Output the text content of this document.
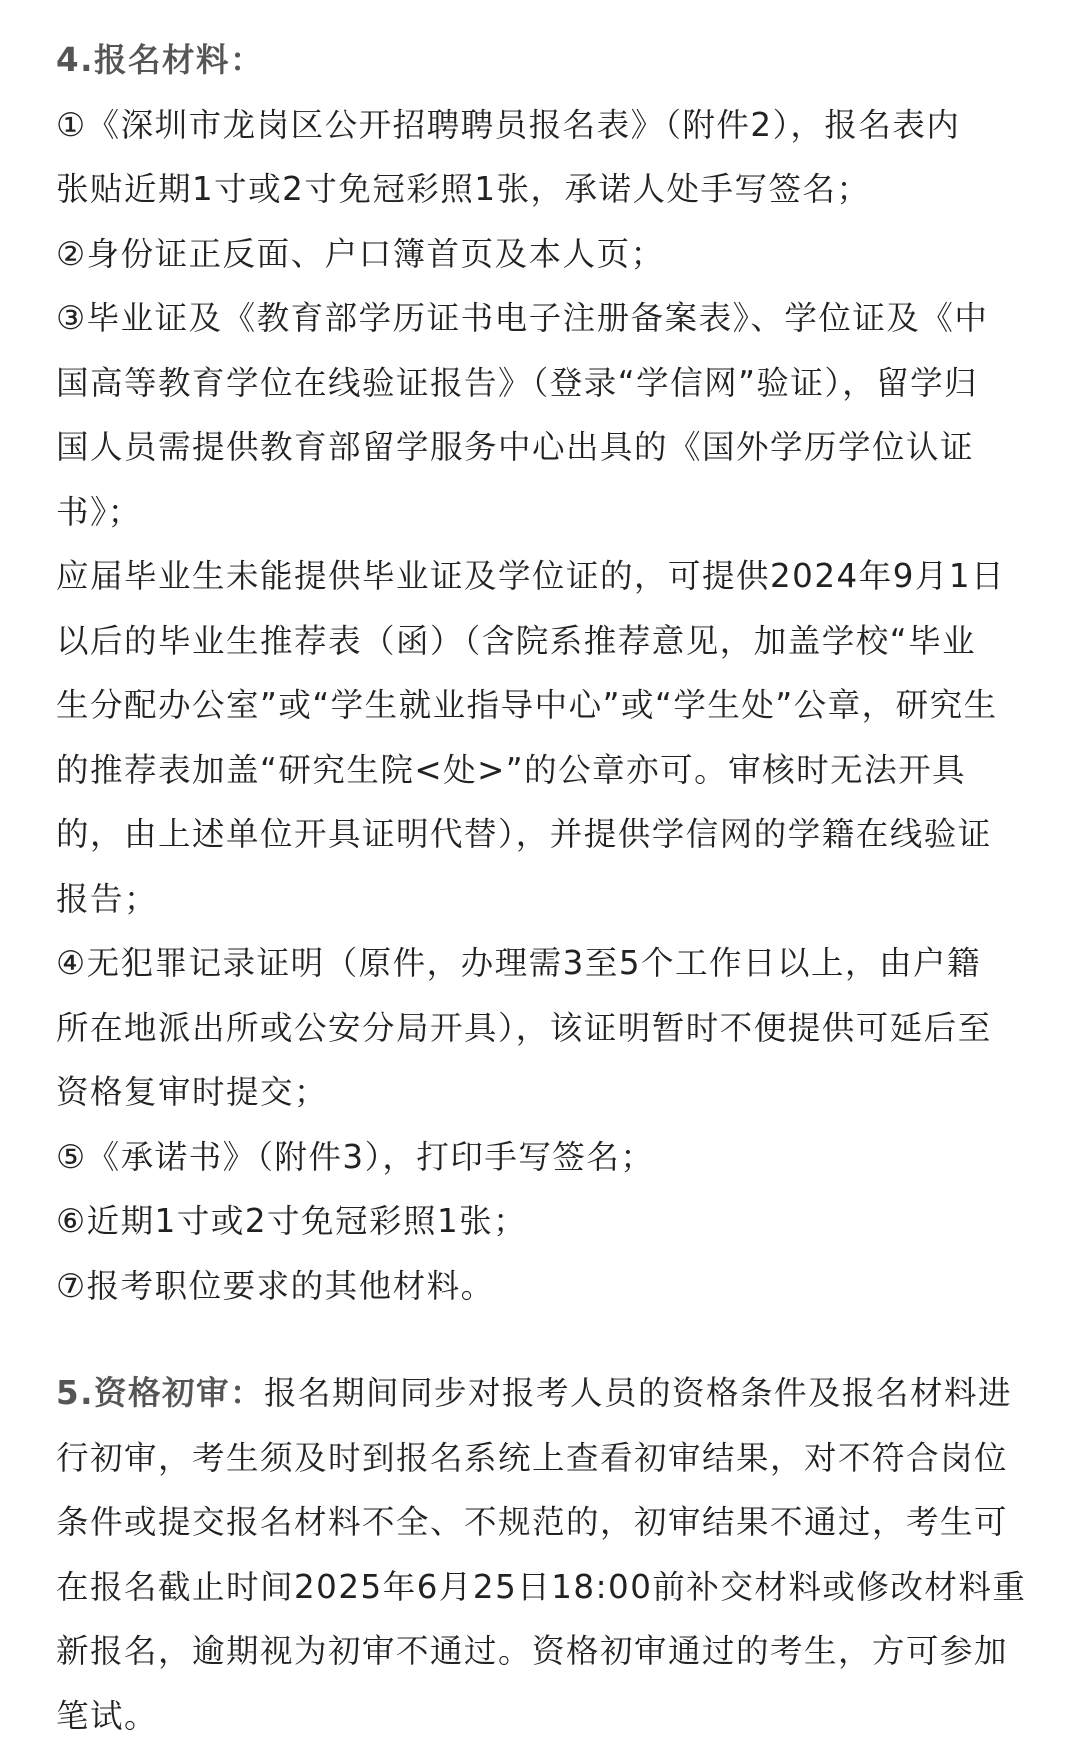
4.报名材料：
①《深圳市龙岗区公开招聘聘员报名表》（附件2），报名表内
张贴近期1寸或2寸免冠彩照1张，承诺人处手写签名；
②身份证正反面、户口簿首页及本人页；
③毕业证及《教育部学历证书电子注册备案表》、学位证及《中
国高等教育学位在线验证报告》（登录“学信网”验证），留学归
国人员需提供教育部留学服务中心出具的《国外学历学位认证
书》；
应届毕业生未能提供毕业证及学位证的，可提供2024年9月1日
以后的毕业生推荐表（函）（含院系推荐意见，加盖学校“毕业
生分配办公室”或“学生就业指导中心”或“学生处”公章，研究生
的推荐表加盖“研究生院<处>”的公章亦可。审核时无法开具
的，由上述单位开具证明代替），并提供学信网的学籍在线验证
报告；
④无犯罪记录证明（原件，办理需3至5个工作日以上，由户籍
所在地派出所或公安分局开具），该证明暂时不便提供可延后至
资格复审时提交；
⑤《承诺书》（附件3），打印手写签名；
⑥近期1寸或2寸免冠彩照1张；
⑦报考职位要求的其他材料。
5.资格初审：报名期间同步对报考人员的资格条件及报名材料进
行初审，考生须及时到报名系统上查看初审结果，对不符合岗位
条件或提交报名材料不全、不规范的，初审结果不通过，考生可
在报名截止时间2025年6月25日18:00前补交材料或修改材料重
新报名，逾期视为初审不通过。资格初审通过的考生，方可参加
笔试。
